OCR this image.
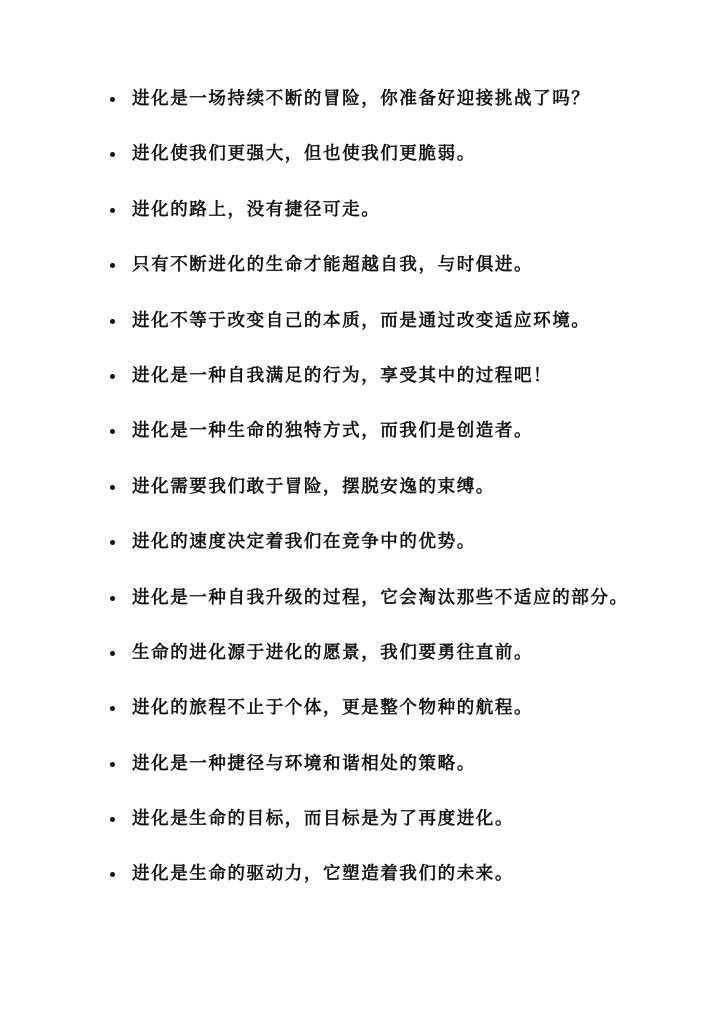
进化是一场持续不断的冒险，你准备好迎接挑战了吗？
进化使我们更强大，但也使我们更脆弱。
进化的路上，没有捷径可走。
只有不断进化的生命才能超越自我，与时俱进。
进化不等于改变自己的本质，而是通过改变适应环境。
进化是一种自我满足的行为，享受其中的过程吧！
进化是一种生命的独特方式，而我们是创造者。
进化需要我们敢于冒险，摆脱安逸的束缚。
进化的速度决定着我们在竞争中的优势。
进化是一种自我升级的过程，它会淘汰那些不适应的部分。
生命的进化源于进化的愿景，我们要勇往直前。
进化的旅程不止于个体，更是整个物种的航程。
进化是一种捷径与环境和谐相处的策略。
进化是生命的目标，而目标是为了再度进化。
进化是生命的驱动力，它塑造着我们的未来。
